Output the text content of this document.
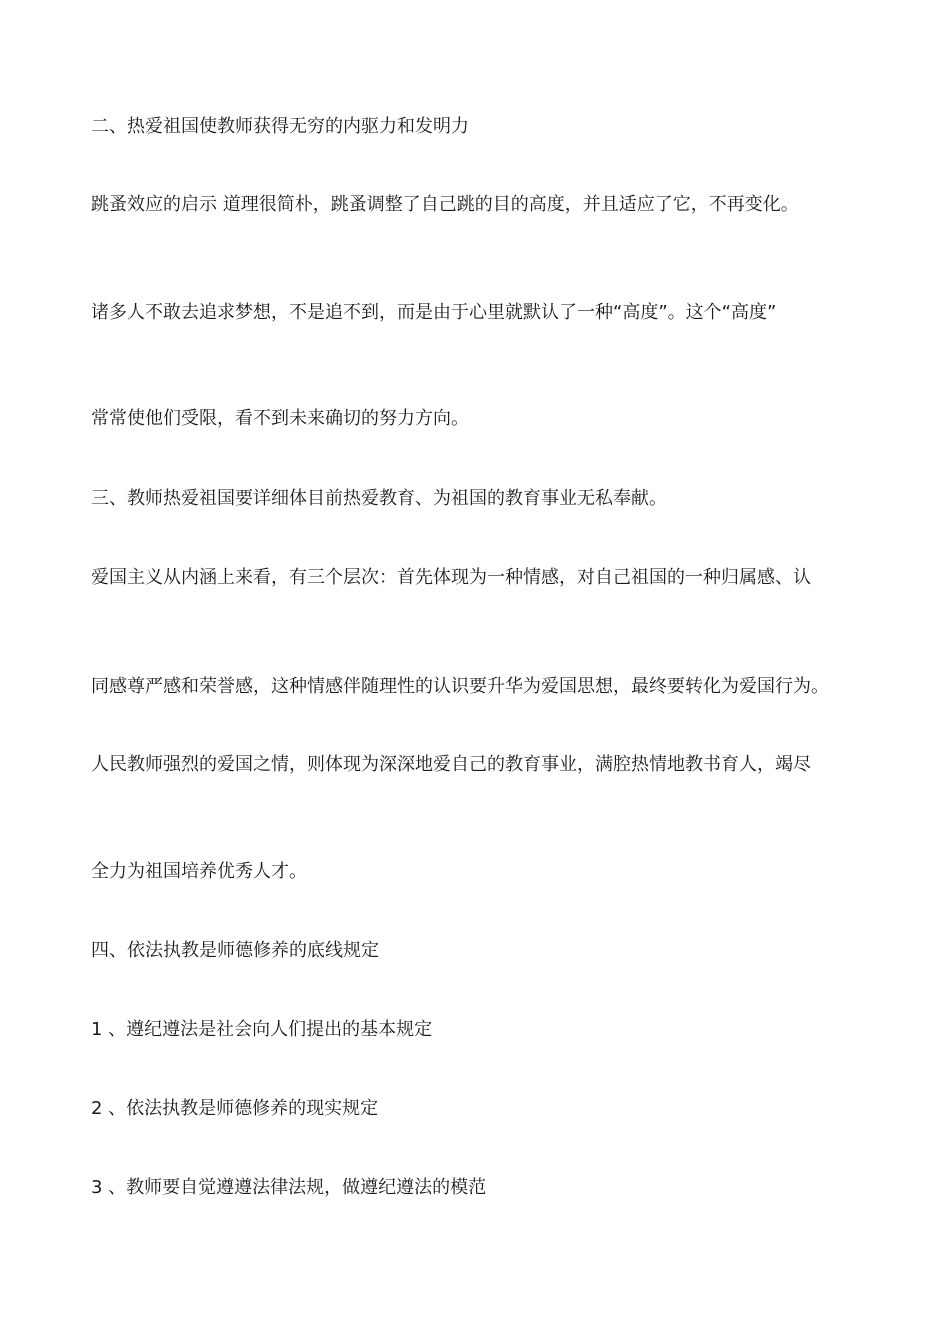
二、热爱祖国使教师获得无穷的内驱力和发明力
跳蚤效应的启示 道理很简朴，跳蚤调整了自己跳的目的高度，并且适应了它，不再变化。
诸多人不敢去追求梦想，不是追不到，而是由于心里就默认了一种“高度”。这个“高度”
常常使他们受限，看不到未来确切的努力方向。
三、教师热爱祖国要详细体目前热爱教育、为祖国的教育事业无私奉献。
爱国主义从内涵上来看，有三个层次：首先体现为一种情感，对自己祖国的一种归属感、认
同感尊严感和荣誉感，这种情感伴随理性的认识要升华为爱国思想，最终要转化为爱国行为。
人民教师强烈的爱国之情，则体现为深深地爱自己的教育事业，满腔热情地教书育人，竭尽
全力为祖国培养优秀人才。
四、依法执教是师德修养的底线规定
1 、遵纪遵法是社会向人们提出的基本规定
2 、依法执教是师德修养的现实规定
3 、教师要自觉遵遵法律法规，做遵纪遵法的模范
